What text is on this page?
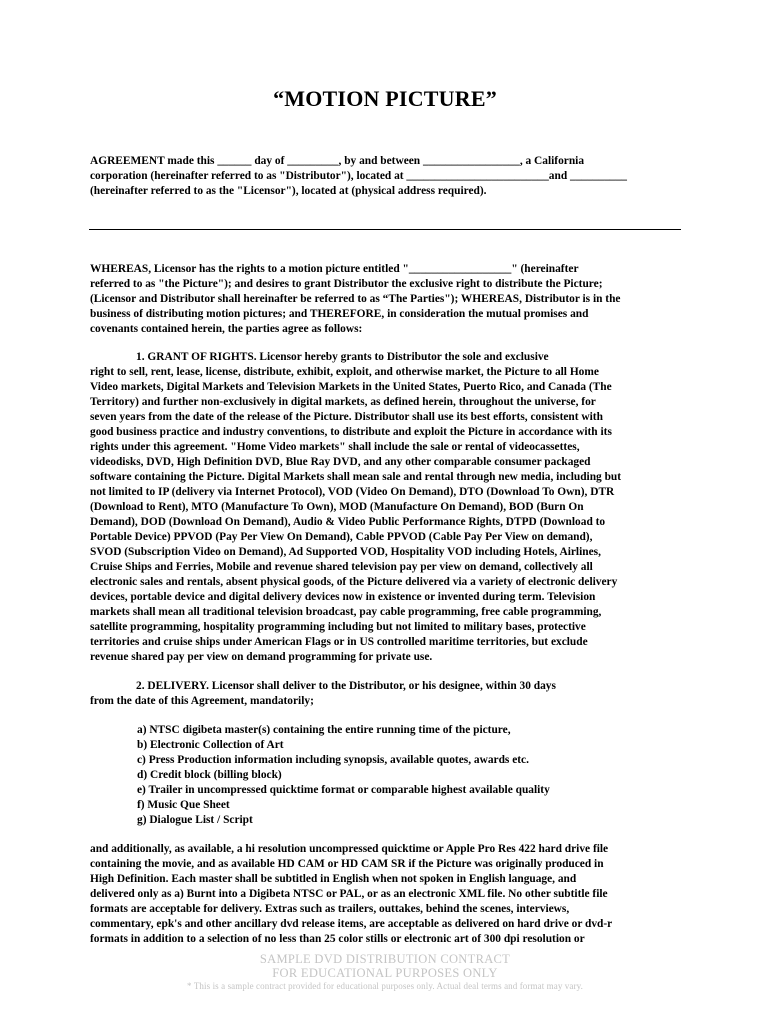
“MOTION PICTURE”
AGREEMENT made this ______ day of _________, by and between _________________, a California
corporation (hereinafter referred to as "Distributor"), located at _________________________and __________
(hereinafter referred to as the "Licensor"), located at (physical address required).
WHEREAS, Licensor has the rights to a motion picture entitled "__________________" (hereinafter
referred to as "the Picture"); and desires to grant Distributor the exclusive right to distribute the Picture;
(Licensor and Distributor shall hereinafter be referred to as “The Parties"); WHEREAS, Distributor is in the
business of distributing motion pictures; and THEREFORE, in consideration the mutual promises and
covenants contained herein, the parties agree as follows:
1. GRANT OF RIGHTS. Licensor hereby grants to Distributor the sole and exclusive
right to sell, rent, lease, license, distribute, exhibit, exploit, and otherwise market, the Picture to all Home
Video markets, Digital Markets and Television Markets in the United States, Puerto Rico, and Canada (The
Territory) and further non-exclusively in digital markets, as defined herein, throughout the universe, for
seven years from the date of the release of the Picture. Distributor shall use its best efforts, consistent with
good business practice and industry conventions, to distribute and exploit the Picture in accordance with its
rights under this agreement. "Home Video markets" shall include the sale or rental of videocassettes,
videodisks, DVD, High Definition DVD, Blue Ray DVD, and any other comparable consumer packaged
software containing the Picture. Digital Markets shall mean sale and rental through new media, including but
not limited to IP (delivery via Internet Protocol), VOD (Video On Demand), DTO (Download To Own), DTR
(Download to Rent), MTO (Manufacture To Own), MOD (Manufacture On Demand), BOD (Burn On
Demand), DOD (Download On Demand), Audio & Video Public Performance Rights, DTPD (Download to
Portable Device) PPVOD (Pay Per View On Demand), Cable PPVOD (Cable Pay Per View on demand),
SVOD (Subscription Video on Demand), Ad Supported VOD, Hospitality VOD including Hotels, Airlines,
Cruise Ships and Ferries, Mobile and revenue shared television pay per view on demand, collectively all
electronic sales and rentals, absent physical goods, of the Picture delivered via a variety of electronic delivery
devices, portable device and digital delivery devices now in existence or invented during term. Television
markets shall mean all traditional television broadcast, pay cable programming, free cable programming,
satellite programming, hospitality programming including but not limited to military bases, protective
territories and cruise ships under American Flags or in US controlled maritime territories, but exclude
revenue shared pay per view on demand programming for private use.
2. DELIVERY. Licensor shall deliver to the Distributor, or his designee, within 30 days
from the date of this Agreement, mandatorily;
a) NTSC digibeta master(s) containing the entire running time of the picture,
b) Electronic Collection of Art
c) Press Production information including synopsis, available quotes, awards etc.
d) Credit block (billing block)
e) Trailer in uncompressed quicktime format or comparable highest available quality
f) Music Que Sheet
g) Dialogue List / Script
and additionally, as available, a hi resolution uncompressed quicktime or Apple Pro Res 422 hard drive file
containing the movie, and as available HD CAM or HD CAM SR if the Picture was originally produced in
High Definition. Each master shall be subtitled in English when not spoken in English language, and
delivered only as a) Burnt into a Digibeta NTSC or PAL, or as an electronic XML file. No other subtitle file
formats are acceptable for delivery. Extras such as trailers, outtakes, behind the scenes, interviews,
commentary, epk's and other ancillary dvd release items, are acceptable as delivered on hard drive or dvd-r
formats in addition to a selection of no less than 25 color stills or electronic art of 300 dpi resolution or
SAMPLE DVD DISTRIBUTION CONTRACT
FOR EDUCATIONAL PURPOSES ONLY
* This is a sample contract provided for educational purposes only. Actual deal terms and format may vary.
